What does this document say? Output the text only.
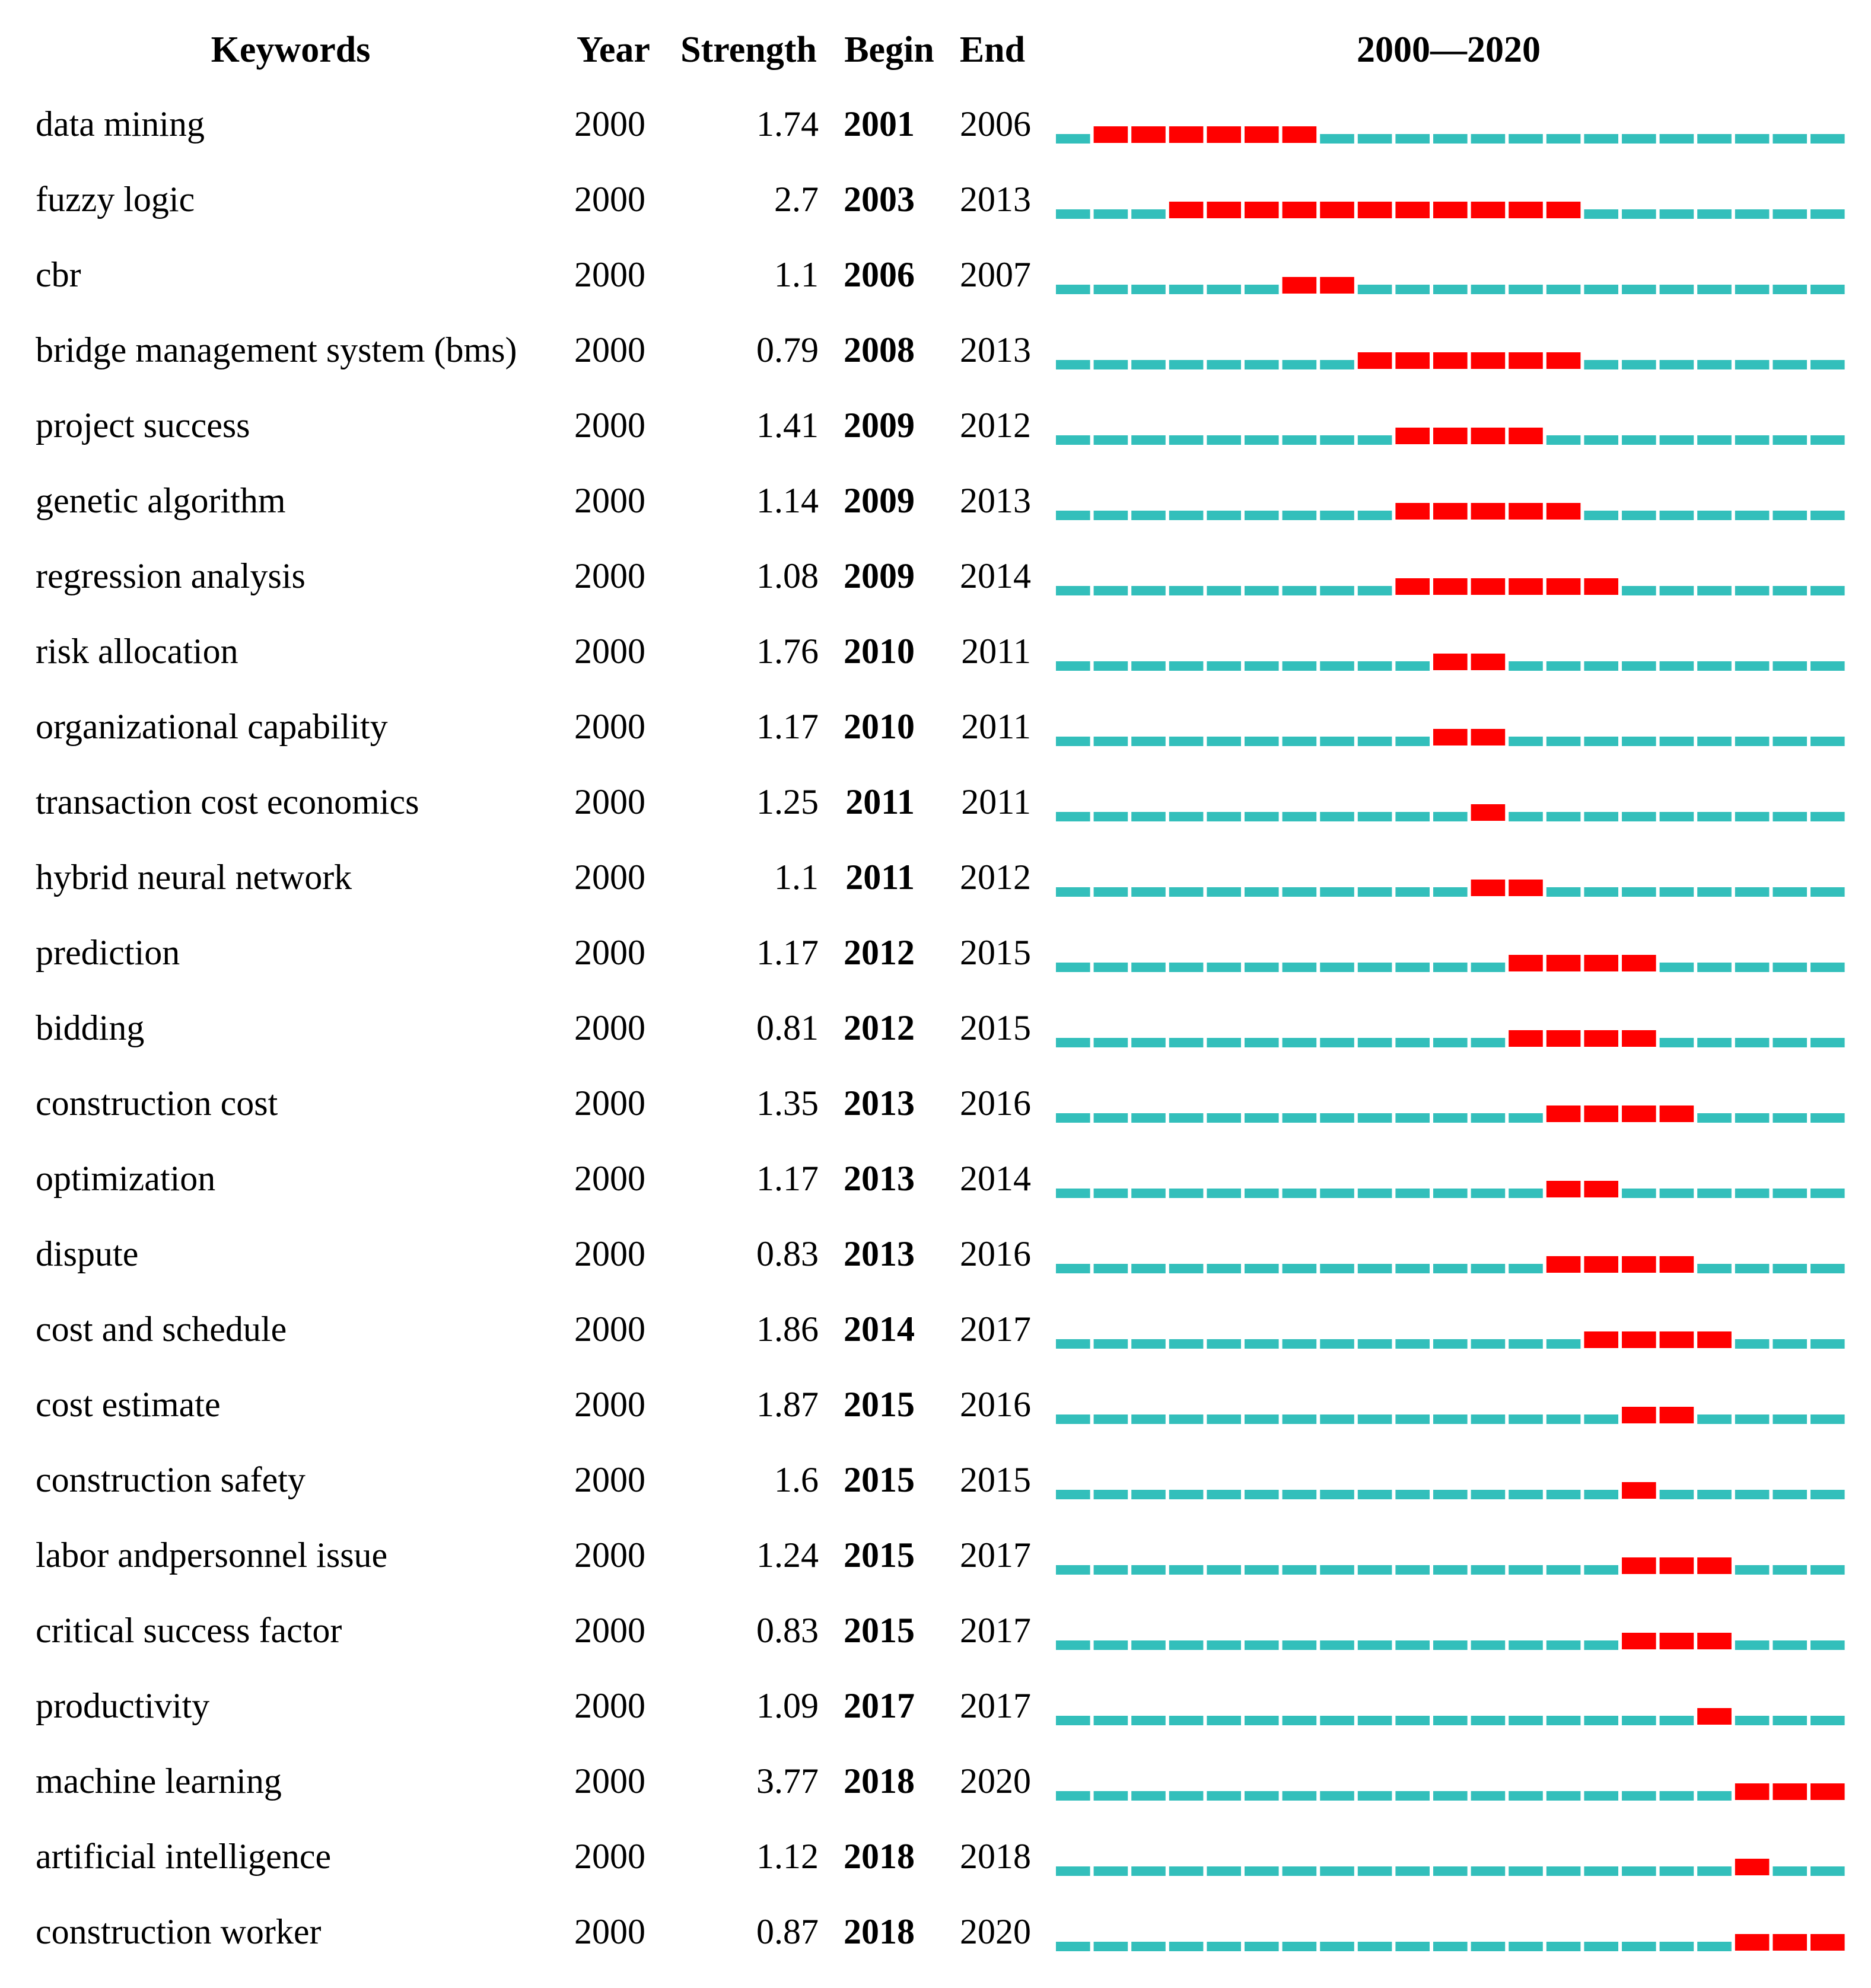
Keywords	Year Strength Begin End	2000—2020
data mining	2000	1.74 2001 2006
fuzzy logic	2000	2.7 2003 2013
cbr	2000	1.1 2006 2007
bridge management system (bms) 2000	0.79 2008 2013
project success	2000	1.41 2009 2012
genetic algorithm	2000	1.14 2009 2013
regression analysis	2000	1.08 2009 2014
risk allocation	2000	1.76 2010 2011
organizational capability	2000	1.17 2010 2011
transaction cost economics	2000	1.25 2011 2011
hybrid neural network	2000	1.1 2011 2012
prediction	2000	1.17 2012 2015
bidding	2000	0.81 2012 2015
construction cost	2000	1.35 2013 2016
optimization	2000	1.17 2013 2014
dispute	2000	0.83 2013 2016
cost and schedule	2000	1.86 2014 2017
cost estimate	2000	1.87 2015 2016
construction safety	2000	1.6 2015 2015
labor andpersonnel issue	2000	1.24 2015 2017
critical success factor	2000	0.83 2015 2017
productivity	2000	1.09 2017 2017
machine learning	2000	3.77 2018 2020
artificial intelligence	2000	1.12 2018 2018
construction worker	2000	0.87 2018 2020
